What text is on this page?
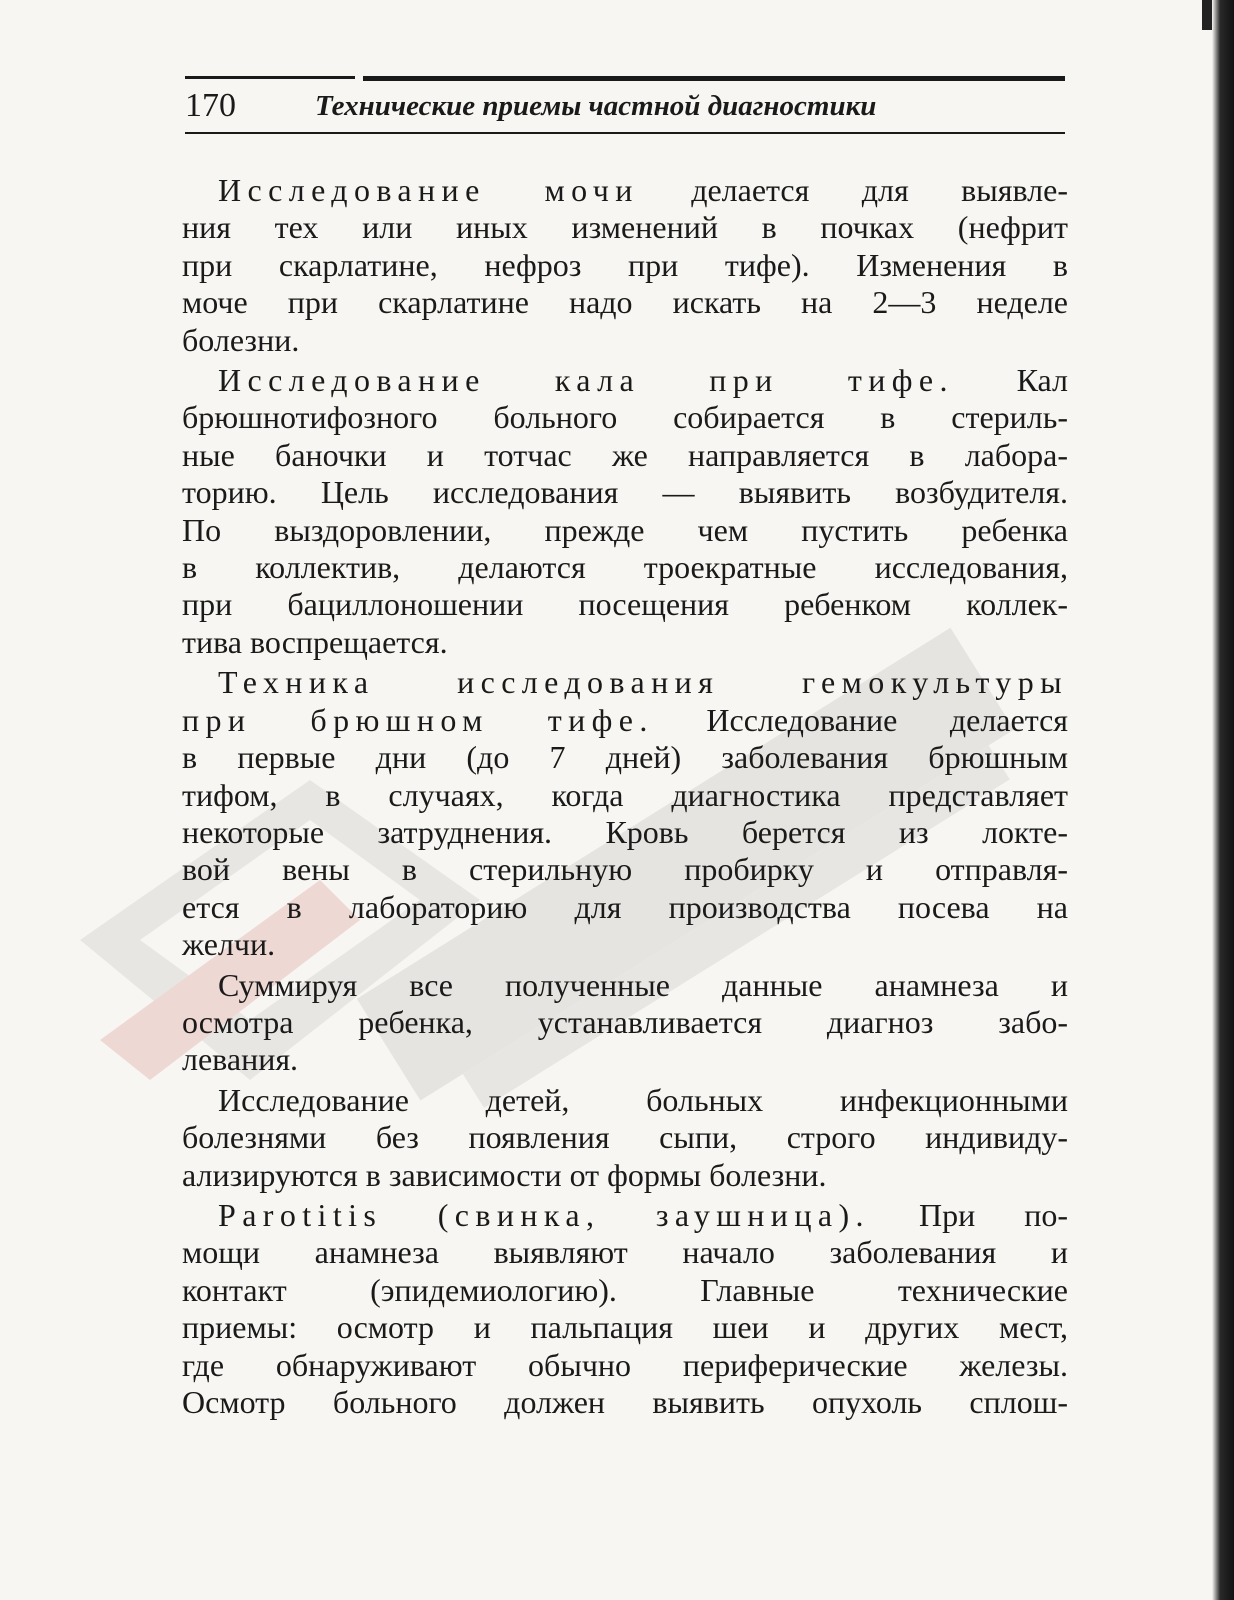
170	Технические приемы частной диагностики
Исследование мочи делается для выявле-
ния тех или иных изменений в почках (нефрит
при скарлатине, нефроз при тифе). Изменения в
моче при скарлатине надо искать на 2—3 неделе
болезни.
Исследование кала при тифе. Кал
брюшнотифозного больного собирается в стериль-
ные баночки и тотчас же направляется в лабора-
торию. Цель исследования — выявить возбудителя.
По выздоровлении, прежде чем пустить ребенка
в коллектив, делаются троекратные исследования,
при бациллоношении посещения ребенком коллек-
тива воспрещается.
Техника исследования гемокультуры
при брюшном тифе. Исследование делается
в первые дни (до 7 дней) заболевания брюшным
тифом, в случаях, когда диагностика представляет
некоторые затруднения. Кровь берется из локте-
вой вены в стерильную пробирку и отправля-
ется в лабораторию для производства посева на
желчи.
Суммируя все полученные данные анамнеза и
осмотра ребенка, устанавливается диагноз забо-
левания.
Исследование детей, больных инфекционными
болезнями без появления сыпи, строго индивиду-
ализируются в зависимости от формы болезни.
Parotitis (свинка, заушница). При по-
мощи анамнеза выявляют начало заболевания и
контакт (эпидемиологию). Главные технические
приемы: осмотр и пальпация шеи и других мест,
где обнаруживают обычно периферические железы.
Осмотр больного должен выявить опухоль сплош-
